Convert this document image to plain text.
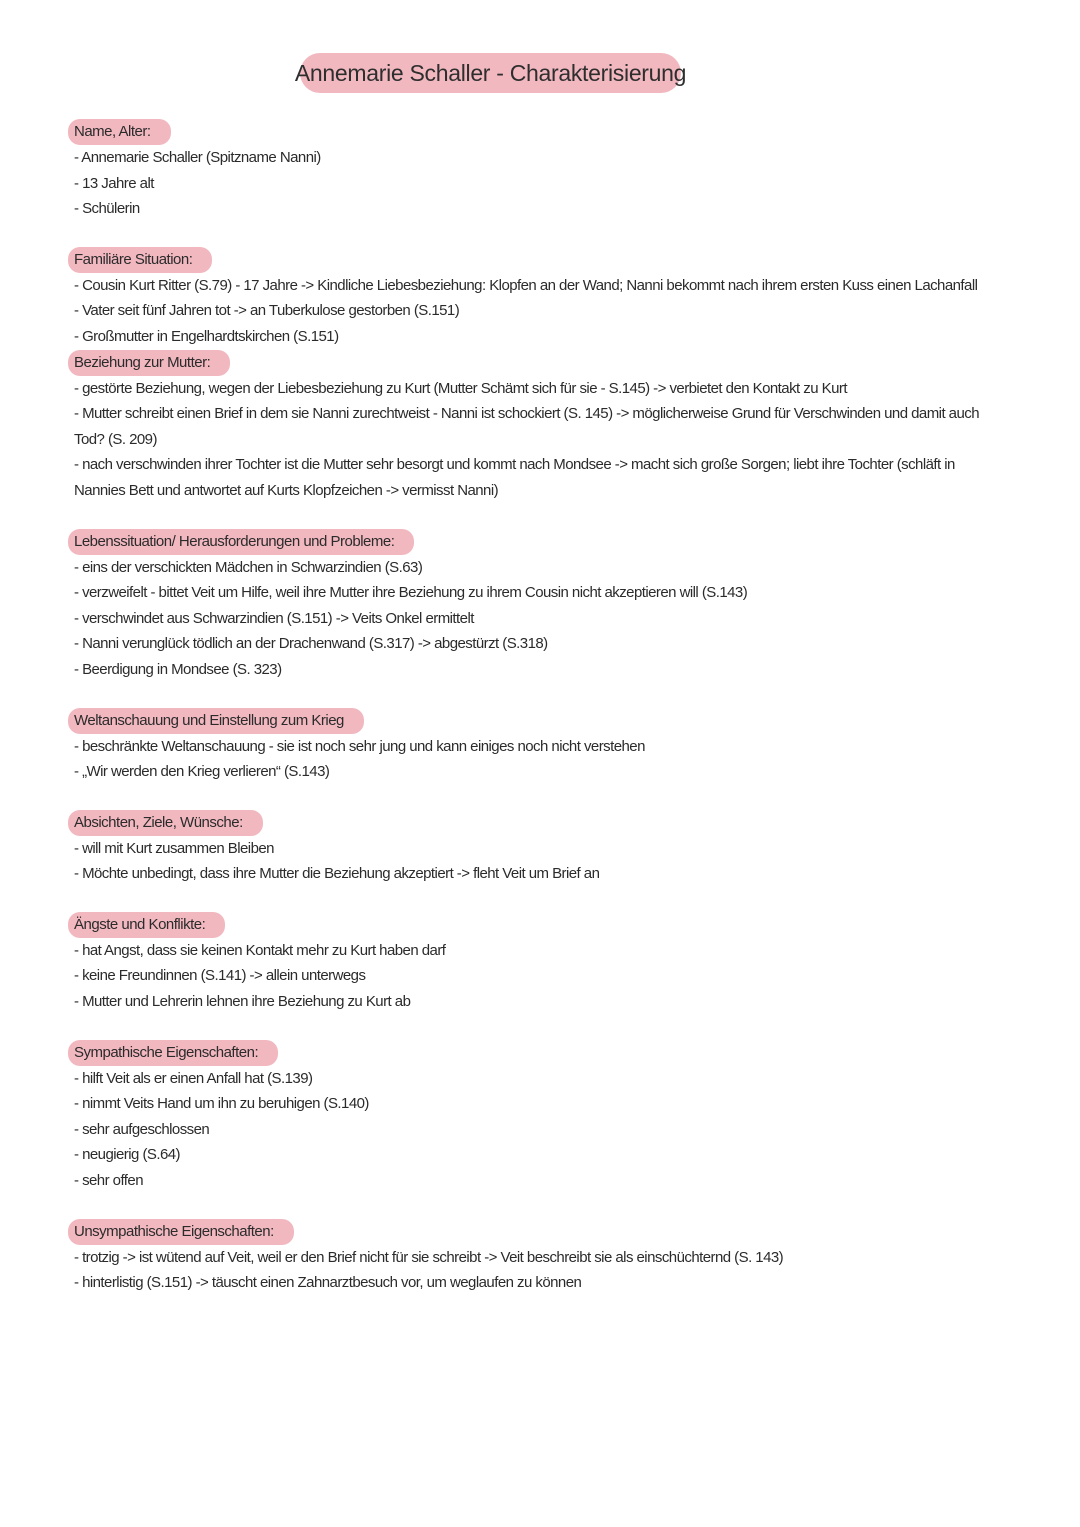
Annemarie Schaller - Charakterisierung
Name, Alter:
- Annemarie Schaller (Spitzname Nanni)
- 13 Jahre alt
- Schülerin
Familiäre Situation:
- Cousin Kurt Ritter (S.79) - 17 Jahre -> Kindliche Liebesbeziehung: Klopfen an der Wand; Nanni bekommt nach ihrem ersten Kuss einen Lachanfall
- Vater seit fünf Jahren tot -> an Tuberkulose gestorben (S.151)
- Großmutter in Engelhardtskirchen (S.151)
Beziehung zur Mutter:
- gestörte Beziehung, wegen der Liebesbeziehung zu Kurt (Mutter Schämt sich für sie - S.145) -> verbietet den Kontakt zu Kurt
- Mutter schreibt einen Brief in dem sie Nanni zurechtweist - Nanni ist schockiert (S. 145) -> möglicherweise Grund für Verschwinden und damit auch Tod? (S. 209)
- nach verschwinden ihrer Tochter ist die Mutter sehr besorgt und kommt nach Mondsee -> macht sich große Sorgen; liebt ihre Tochter (schläft in Nannies Bett und antwortet auf Kurts Klopfzeichen -> vermisst Nanni)
Lebenssituation/ Herausforderungen und Probleme:
- eins der verschickten Mädchen in Schwarzindien (S.63)
- verzweifelt - bittet Veit um Hilfe, weil ihre Mutter ihre Beziehung zu ihrem Cousin nicht akzeptieren will (S.143)
- verschwindet aus Schwarzindien (S.151) -> Veits Onkel ermittelt
- Nanni verunglück tödlich an der Drachenwand (S.317) -> abgestürzt (S.318)
- Beerdigung in Mondsee (S. 323)
Weltanschauung und Einstellung zum Krieg
- beschränkte Weltanschauung - sie ist noch sehr jung und kann einiges noch nicht verstehen
- „Wir werden den Krieg verlieren“ (S.143)
Absichten, Ziele, Wünsche:
- will mit Kurt zusammen Bleiben
- Möchte unbedingt, dass ihre Mutter die Beziehung akzeptiert -> fleht Veit um Brief an
Ängste und Konflikte:
- hat Angst, dass sie keinen Kontakt mehr zu Kurt haben darf
- keine Freundinnen (S.141) -> allein unterwegs
- Mutter und Lehrerin lehnen ihre Beziehung zu Kurt ab
Sympathische Eigenschaften:
- hilft Veit als er einen Anfall hat (S.139)
- nimmt Veits Hand um ihn zu beruhigen (S.140)
- sehr aufgeschlossen
- neugierig (S.64)
- sehr offen
Unsympathische Eigenschaften:
- trotzig -> ist wütend auf Veit, weil er den Brief nicht für sie schreibt -> Veit beschreibt sie als einschüchternd (S. 143)
- hinterlistig (S.151) -> täuscht einen Zahnarztbesuch vor, um weglaufen zu können
